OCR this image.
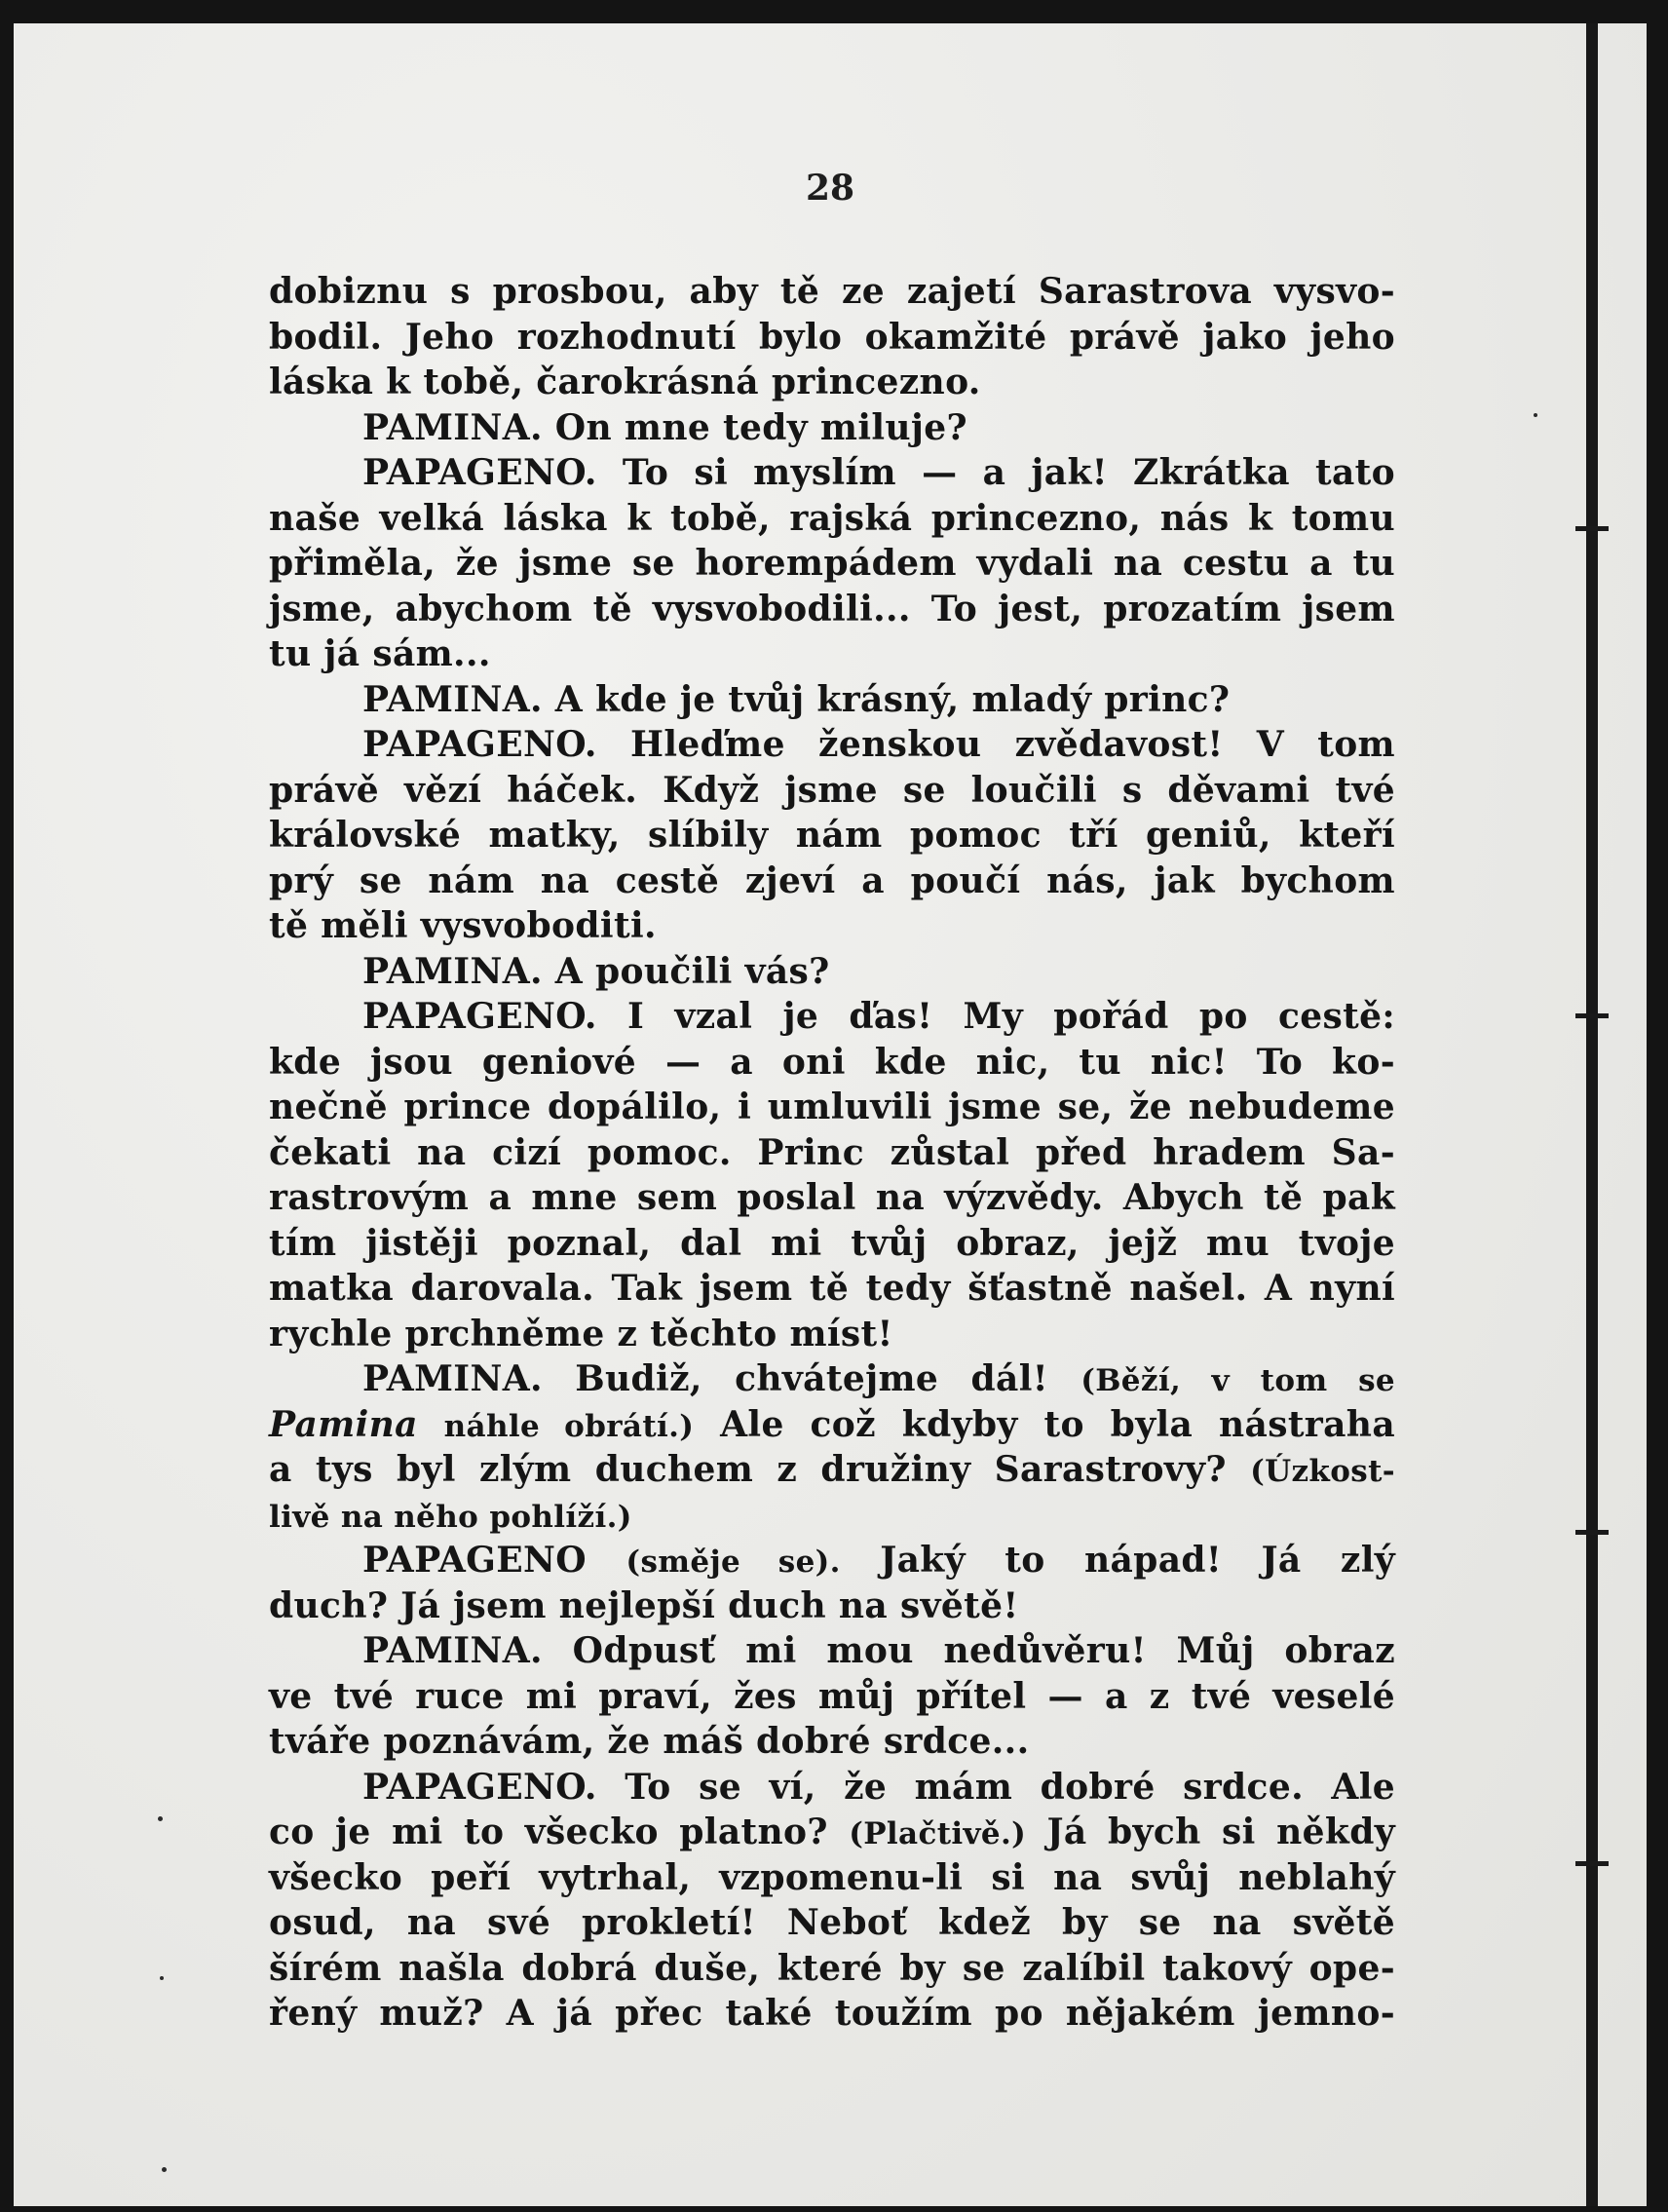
28
dobiznu s prosbou, aby tě ze zajetí Sarastrova vysvo-
bodil. Jeho rozhodnutí bylo okamžité právě jako jeho
láska k tobě, čarokrásná princezno.
PAMINA. On mne tedy miluje?
PAPAGENO. To si myslím — a jak! Zkrátka tato
naše velká láska k tobě, rajská princezno, nás k tomu
přiměla, že jsme se horempádem vydali na cestu a tu
jsme, abychom tě vysvobodili... To jest, prozatím jsem
tu já sám...
PAMINA. A kde je tvůj krásný, mladý princ?
PAPAGENO. Hleďme ženskou zvědavost! V tom
právě vězí háček. Když jsme se loučili s děvami tvé
královské matky, slíbily nám pomoc tří geniů, kteří
prý se nám na cestě zjeví a poučí nás, jak bychom
tě měli vysvoboditi.
PAMINA. A poučili vás?
PAPAGENO. I vzal je ďas! My pořád po cestě:
kde jsou geniové — a oni kde nic, tu nic! To ko-
nečně prince dopálilo, i umluvili jsme se, že nebudeme
čekati na cizí pomoc. Princ zůstal před hradem Sa-
rastrovým a mne sem poslal na výzvědy. Abych tě pak
tím jistěji poznal, dal mi tvůj obraz, jejž mu tvoje
matka darovala. Tak jsem tě tedy šťastně našel. A nyní
rychle prchněme z těchto míst!
PAMINA. Budiž, chvátejme dál! (Běží, v tom se
Pamina náhle obrátí.) Ale což kdyby to byla nástraha
a tys byl zlým duchem z družiny Sarastrovy? (Úzkost-
livě na něho pohlíží.)
PAPAGENO (směje se). Jaký to nápad! Já zlý
duch? Já jsem nejlepší duch na světě!
PAMINA. Odpusť mi mou nedůvěru! Můj obraz
ve tvé ruce mi praví, žes můj přítel — a z tvé veselé
tváře poznávám, že máš dobré srdce...
PAPAGENO. To se ví, že mám dobré srdce. Ale
co je mi to všecko platno? (Plačtivě.) Já bych si někdy
všecko peří vytrhal, vzpomenu-li si na svůj neblahý
osud, na své prokletí! Neboť kdež by se na světě
šírém našla dobrá duše, které by se zalíbil takový ope-
řený muž? A já přec také toužím po nějakém jemno-
